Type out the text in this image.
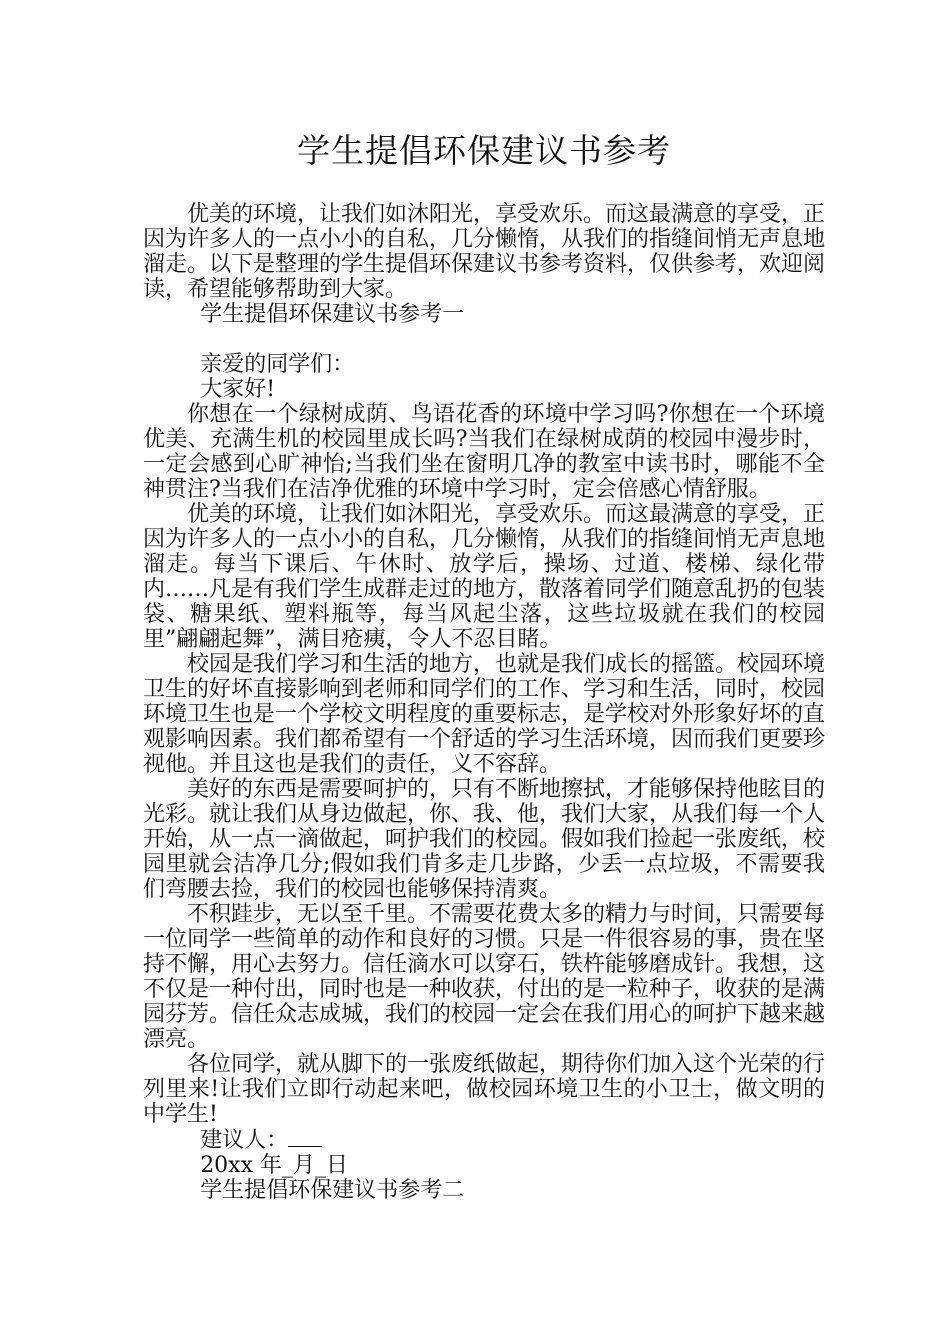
学生提倡环保建议书参考

优美的环境，让我们如沐阳光，享受欢乐。而这最满意的享受，正因为许多人的一点小小的自私，几分懒惰，从我们的指缝间悄无声息地溜走。以下是整理的学生提倡环保建议书参考资料，仅供参考，欢迎阅读，希望能够帮助到大家。

学生提倡环保建议书参考一

亲爱的同学们：

大家好!

你想在一个绿树成荫、鸟语花香的环境中学习吗?你想在一个环境优美、充满生机的校园里成长吗?当我们在绿树成荫的校园中漫步时，一定会感到心旷神怡;当我们坐在窗明几净的教室中读书时，哪能不全神贯注?当我们在洁净优雅的环境中学习时，定会倍感心情舒服。

优美的环境，让我们如沐阳光，享受欢乐。而这最满意的享受，正因为许多人的一点小小的自私，几分懒惰，从我们的指缝间悄无声息地溜走。每当下课后、午休时、放学后，操场、过道、楼梯、绿化带内……凡是有我们学生成群走过的地方，散落着同学们随意乱扔的包装袋、糖果纸、塑料瓶等，每当风起尘落，这些垃圾就在我们的校园里”翩翩起舞”，满目疮痍，令人不忍目睹。

校园是我们学习和生活的地方，也就是我们成长的摇篮。校园环境卫生的好坏直接影响到老师和同学们的工作、学习和生活，同时，校园环境卫生也是一个学校文明程度的重要标志，是学校对外形象好坏的直观影响因素。我们都希望有一个舒适的学习生活环境，因而我们更要珍视他。并且这也是我们的责任，义不容辞。

美好的东西是需要呵护的，只有不断地擦拭，才能够保持他眩目的光彩。就让我们从身边做起，你、我、他，我们大家，从我们每一个人开始，从一点一滴做起，呵护我们的校园。假如我们捡起一张废纸，校园里就会洁净几分;假如我们肯多走几步路，少丢一点垃圾，不需要我们弯腰去捡，我们的校园也能够保持清爽。

不积跬步，无以至千里。不需要花费太多的精力与时间，只需要每一位同学一些简单的动作和良好的习惯。只是一件很容易的事，贵在坚持不懈，用心去努力。信任滴水可以穿石，铁杵能够磨成针。我想，这不仅是一种付出，同时也是一种收获，付出的是一粒种子，收获的是满园芬芳。信任众志成城，我们的校园一定会在我们用心的呵护下越来越漂亮。

各位同学，就从脚下的一张废纸做起，期待你们加入这个光荣的行列里来!让我们立即行动起来吧，做校园环境卫生的小卫士，做文明的中学生!

建议人：

20xx 年_月_日

学生提倡环保建议书参考二
